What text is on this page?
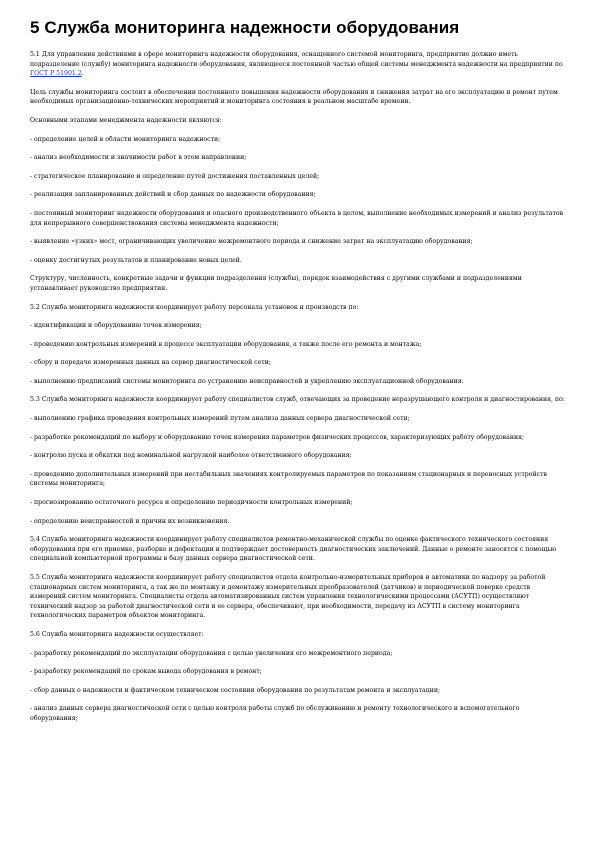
5 Служба мониторинга надежности оборудования
5.1 Для управления действиями в сфере мониторинга надежности оборудования, оснащенного системой мониторинга, предприятие должно иметь подразделение (службу) мониторинга надежности оборудования, являющееся постоянной частью общей системы менеджмента надежности на предприятии по ГОСТ Р 51901.2.
Цель службы мониторинга состоит в обеспечении постоянного повышения надежности оборудования и снижения затрат на его эксплуатацию и ремонт путем необходимых организационно-технических мероприятий и мониторинга состояния в реальном масштабе времени.
Основными этапами менеджмента надежности являются:
- определение целей в области мониторинга надежности;
- анализ необходимости и значимости работ в этом направлении;
- стратегическое планирование и определение путей достижения поставленных целей;
- реализация запланированных действий и сбор данных по надежности оборудования;
- постоянный мониторинг надежности оборудования и опасного производственного объекта в целом, выполнение необходимых измерений и анализ результатов для непрерывного совершенствования системы менеджмента надежности;
- выявление «узких» мест, ограничивающих увеличение межремонтного периода и снижение затрат на эксплуатацию оборудования;
- оценку достигнутых результатов и планирование новых целей.
Структуру, численность, конкретные задачи и функции подразделения (службы), порядок взаимодействия с другими службами и подразделениями устанавливает руководство предприятия.
5.2 Служба мониторинга надежности координирует работу персонала установок и производств по:
- идентификации и оборудованию точек измерения;
- проведению контрольных измерений в процессе эксплуатации оборудования, а также после его ремонта и монтажа;
- сбору и передаче измеренных данных на сервер диагностической сети;
- выполнению предписаний системы мониторинга по устранению неисправностей и укреплению эксплуатационной оборудования.
5.3 Служба мониторинга надежности координирует работу специалистов служб, отвечающих за проведение неразрушающего контроля и диагностирования, по:
- выполнению графика проведения контрольных измерений путем анализа данных сервера диагностической сети;
- разработке рекомендаций по выбору и оборудованию точек измерения параметров физических процессов, характеризующих работу оборудования;
- контролю пуска и обкатки под номинальной нагрузкой наиболее ответственного оборудования;
- проведению дополнительных измерений при нестабильных значениях контролируемых параметров по показаниям стационарных и переносных устройств системы мониторинга;
- прогнозированию остаточного ресурса и определению периодичности контрольных измерений;
- определению неисправностей и причин их возникновения.
5.4 Служба мониторинга надежности координирует работу специалистов ремонтно-механической службы по оценке фактического технического состояния оборудования при его приемке, разборке и дефектации и подтверждает достоверность диагностических заключений. Данные о ремонте заносятся с помощью специальной компьютерной программы в базу данных сервера диагностической сети.
5.5 Служба мониторинга надежности координирует работу специалистов отдела контрольно-измерительных приборов и автоматики по надзору за работой стационарных систем мониторинга, а так же по монтажу и демонтажу измерительных преобразователей (датчиков) и периодической поверке средств измерений систем мониторинга. Специалисты отдела автоматизированных систем управления технологическими процессами (АСУТП) осуществляют технический надзор за работой диагностической сети и ее сервера, обеспечивают, при необходимости, передачу из АСУТП в систему мониторинга технологических параметров объектов мониторинга.
5.6 Служба мониторинга надежности осуществляет:
- разработку рекомендаций по эксплуатации оборудования с целью увеличения его межремонтного периода;
- разработку рекомендаций по срокам вывода оборудования в ремонт;
- сбор данных о надежности и фактическом техническом состоянии оборудования по результатам ремонта и эксплуатации;
- анализ данных сервера диагностической сети с целью контроля работы служб по обслуживанию и ремонту технологического и вспомогательного оборудования;
